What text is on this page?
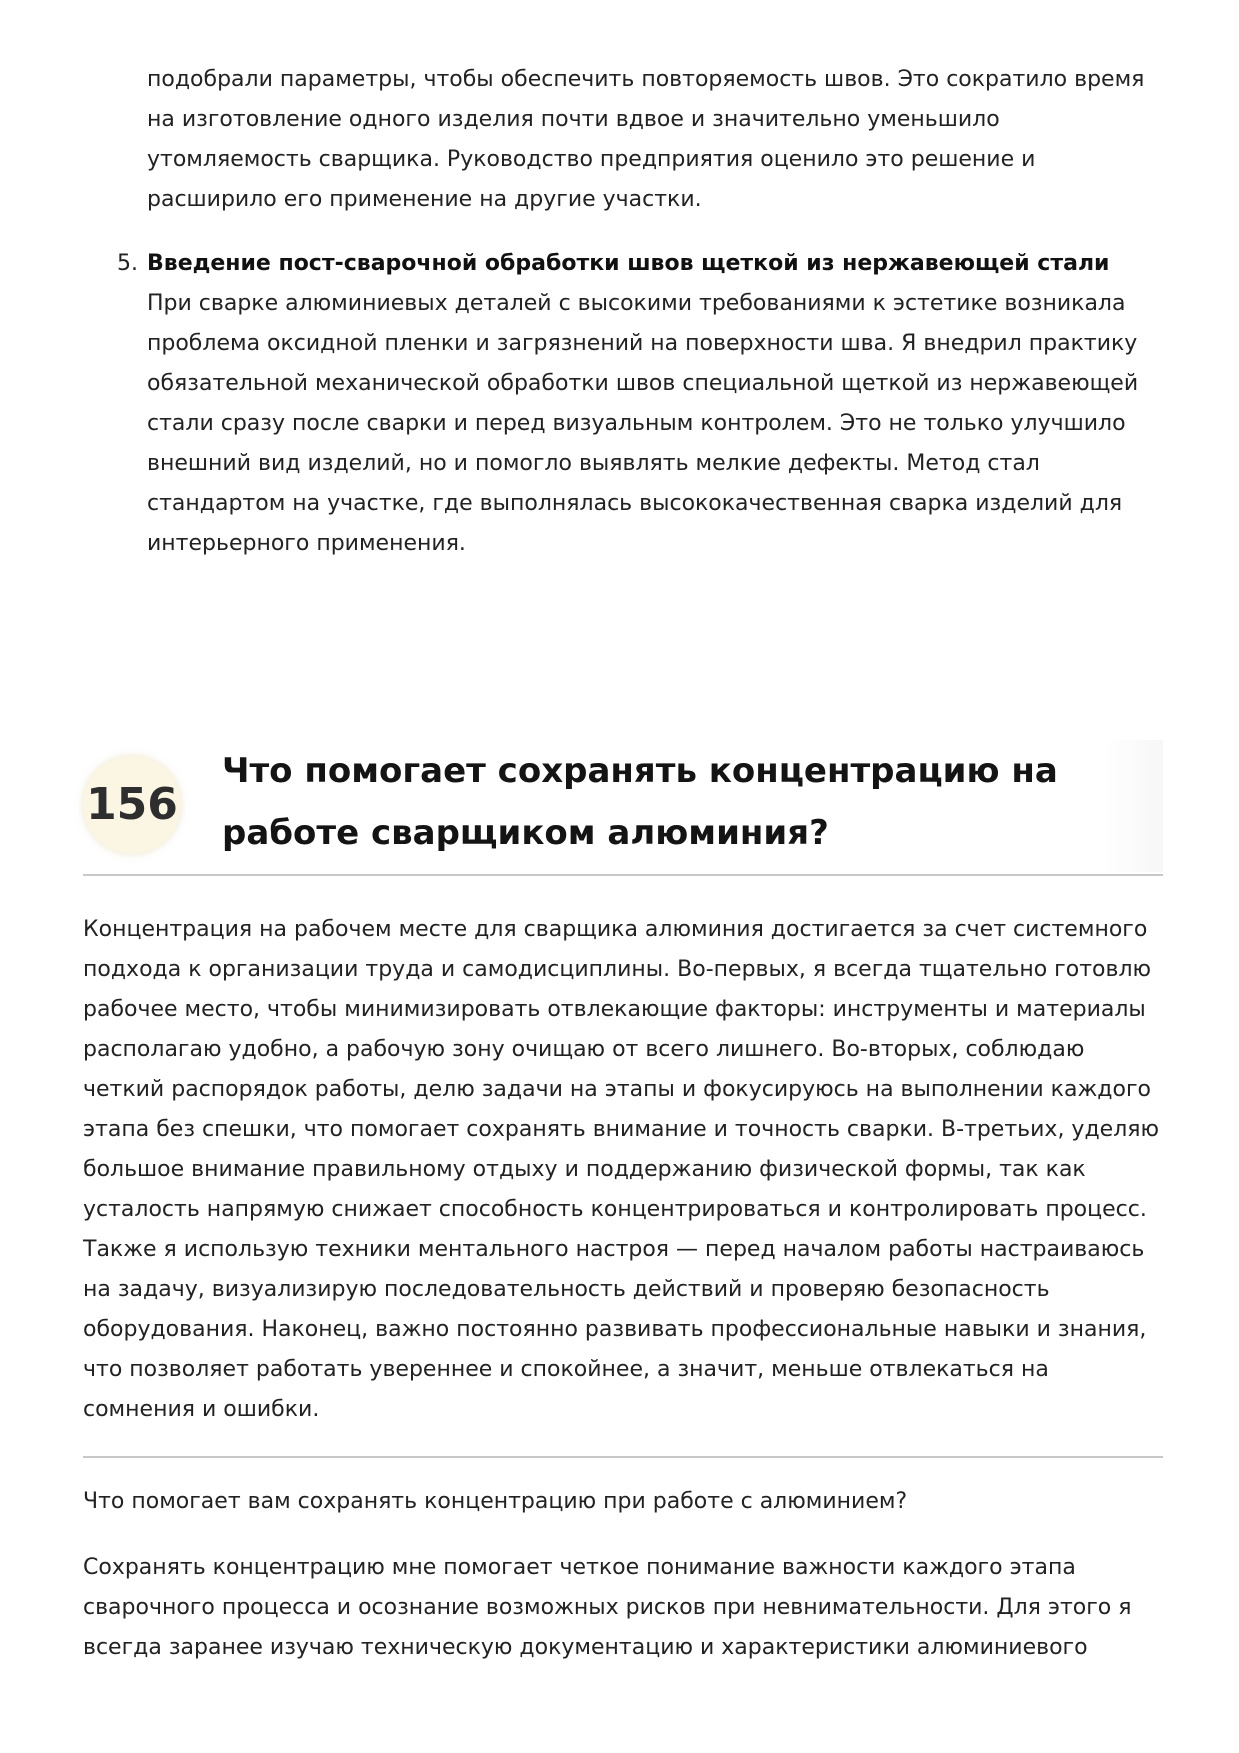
подобрали параметры, чтобы обеспечить повторяемость швов. Это сократило время на изготовление одного изделия почти вдвое и значительно уменьшило утомляемость сварщика. Руководство предприятия оценило это решение и расширило его применение на другие участки.

5. Введение пост-сварочной обработки швов щеткой из нержавеющей стали

При сварке алюминиевых деталей с высокими требованиями к эстетике возникала проблема оксидной пленки и загрязнений на поверхности шва. Я внедрил практику обязательной механической обработки швов специальной щеткой из нержавеющей стали сразу после сварки и перед визуальным контролем. Это не только улучшило внешний вид изделий, но и помогло выявлять мелкие дефекты. Метод стал стандартом на участке, где выполнялась высококачественная сварка изделий для интерьерного применения.

156
Что помогает сохранять концентрацию на работе сварщиком алюминия?

Концентрация на рабочем месте для сварщика алюминия достигается за счет системного подхода к организации труда и самодисциплины. Во-первых, я всегда тщательно готовлю рабочее место, чтобы минимизировать отвлекающие факторы: инструменты и материалы располагаю удобно, а рабочую зону очищаю от всего лишнего. Во-вторых, соблюдаю четкий распорядок работы, делю задачи на этапы и фокусируюсь на выполнении каждого этапа без спешки, что помогает сохранять внимание и точность сварки. В-третьих, уделяю большое внимание правильному отдыху и поддержанию физической формы, так как усталость напрямую снижает способность концентрироваться и контролировать процесс. Также я использую техники ментального настроя — перед началом работы настраиваюсь на задачу, визуализирую последовательность действий и проверяю безопасность оборудования. Наконец, важно постоянно развивать профессиональные навыки и знания, что позволяет работать увереннее и спокойнее, а значит, меньше отвлекаться на сомнения и ошибки.

Что помогает вам сохранять концентрацию при работе с алюминием?

Сохранять концентрацию мне помогает четкое понимание важности каждого этапа сварочного процесса и осознание возможных рисков при невнимательности. Для этого я всегда заранее изучаю техническую документацию и характеристики алюминиевого
